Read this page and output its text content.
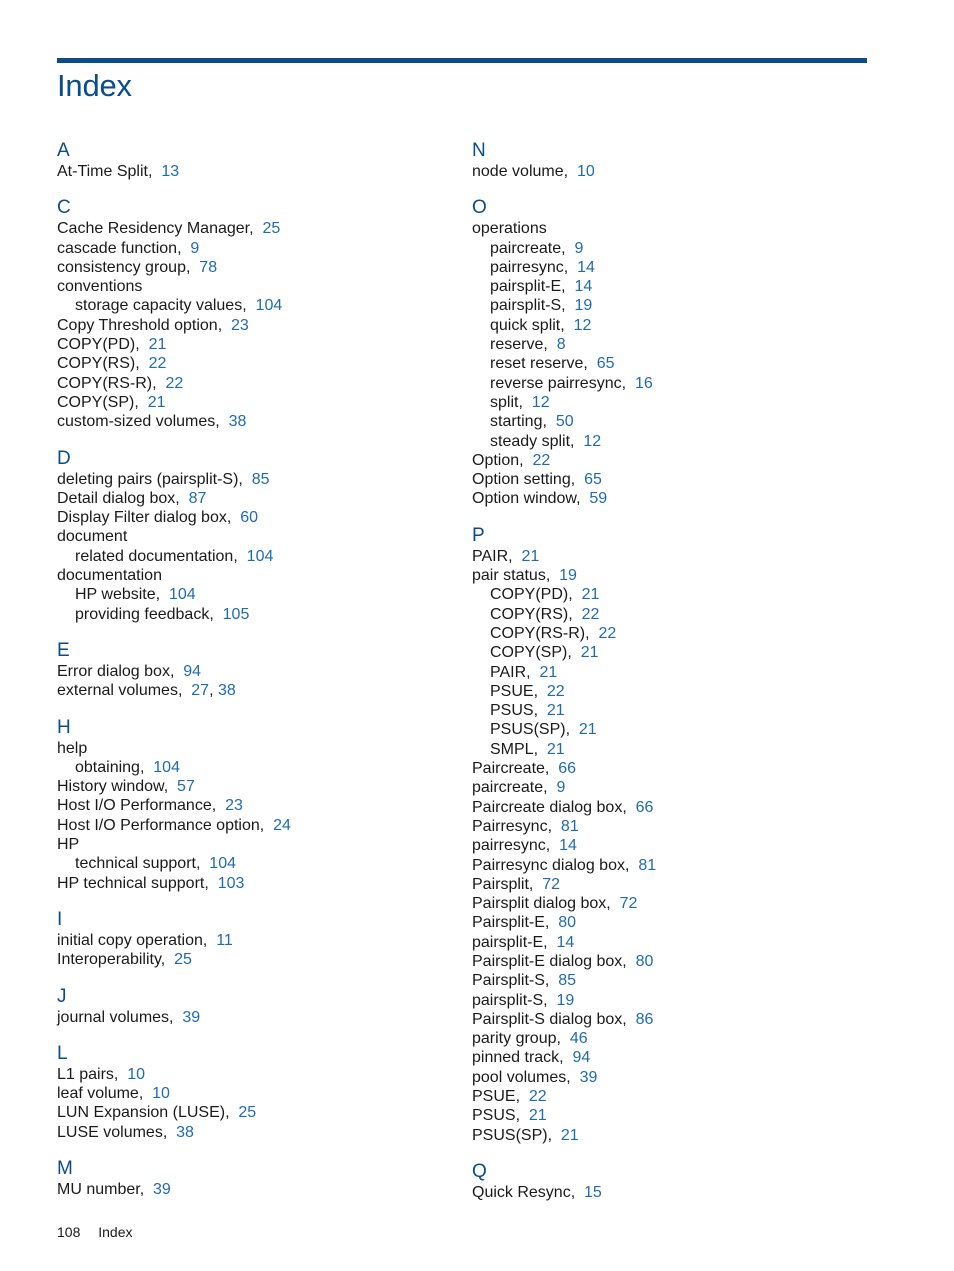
Index
A
At-Time Split, 13
C
Cache Residency Manager, 25
cascade function, 9
consistency group, 78
conventions
storage capacity values, 104
Copy Threshold option, 23
COPY(PD), 21
COPY(RS), 22
COPY(RS-R), 22
COPY(SP), 21
custom-sized volumes, 38
D
deleting pairs (pairsplit-S), 85
Detail dialog box, 87
Display Filter dialog box, 60
document
related documentation, 104
documentation
HP website, 104
providing feedback, 105
E
Error dialog box, 94
external volumes, 27, 38
H
help
obtaining, 104
History window, 57
Host I/O Performance, 23
Host I/O Performance option, 24
HP
technical support, 104
HP technical support, 103
I
initial copy operation, 11
Interoperability, 25
J
journal volumes, 39
L
L1 pairs, 10
leaf volume, 10
LUN Expansion (LUSE), 25
LUSE volumes, 38
M
MU number, 39
N
node volume, 10
O
operations
paircreate, 9
pairresync, 14
pairsplit-E, 14
pairsplit-S, 19
quick split, 12
reserve, 8
reset reserve, 65
reverse pairresync, 16
split, 12
starting, 50
steady split, 12
Option, 22
Option setting, 65
Option window, 59
P
PAIR, 21
pair status, 19
COPY(PD), 21
COPY(RS), 22
COPY(RS-R), 22
COPY(SP), 21
PAIR, 21
PSUE, 22
PSUS, 21
PSUS(SP), 21
SMPL, 21
Paircreate, 66
paircreate, 9
Paircreate dialog box, 66
Pairresync, 81
pairresync, 14
Pairresync dialog box, 81
Pairsplit, 72
Pairsplit dialog box, 72
Pairsplit-E, 80
pairsplit-E, 14
Pairsplit-E dialog box, 80
Pairsplit-S, 85
pairsplit-S, 19
Pairsplit-S dialog box, 86
parity group, 46
pinned track, 94
pool volumes, 39
PSUE, 22
PSUS, 21
PSUS(SP), 21
Q
Quick Resync, 15
108 Index
